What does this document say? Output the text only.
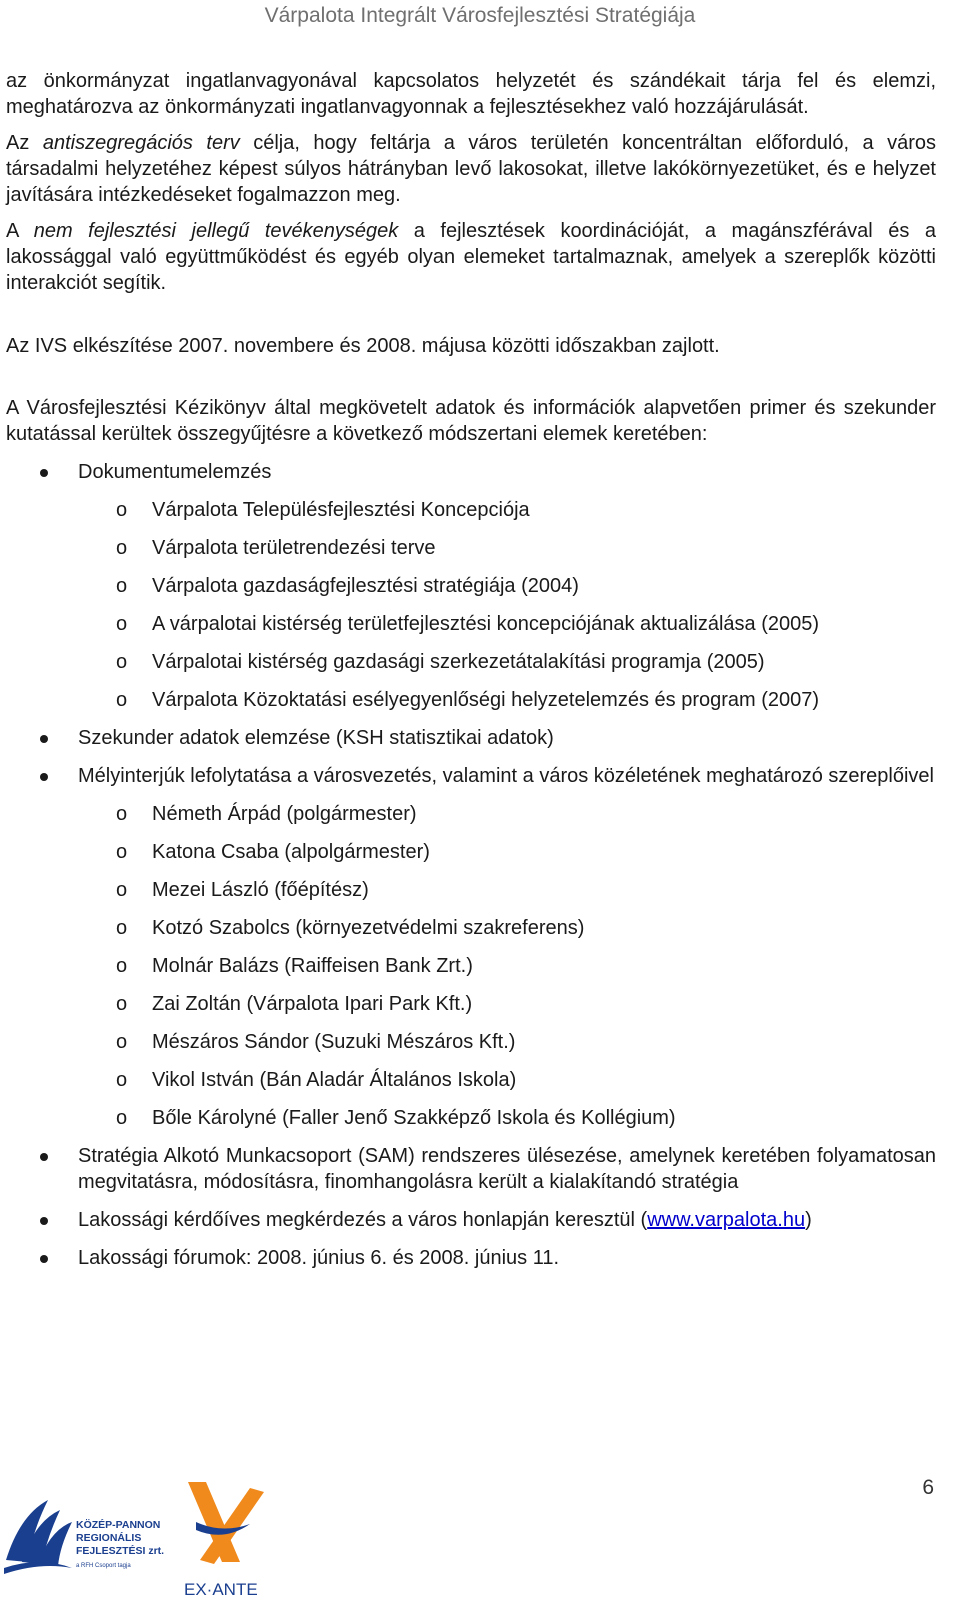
Várpalota Integrált Városfejlesztési Stratégiája

az önkormányzat ingatlanvagyonával kapcsolatos helyzetét és szándékait tárja fel és elemzi, meghatározva az önkormányzati ingatlanvagyonnak a fejlesztésekhez való hozzájárulását.

Az antiszegregációs terv célja, hogy feltárja a város területén koncentráltan előforduló, a város társadalmi helyzetéhez képest súlyos hátrányban levő lakosokat, illetve lakókörnyezetüket, és e helyzet javítására intézkedéseket fogalmazzon meg.

A nem fejlesztési jellegű tevékenységek a fejlesztések koordinációját, a magánszférával és a lakossággal való együttműködést és egyéb olyan elemeket tartalmaznak, amelyek a szereplők közötti interakciót segítik.

Az IVS elkészítése 2007. novembere és 2008. májusa közötti időszakban zajlott.

A Városfejlesztési Kézikönyv által megkövetelt adatok és információk alapvetően primer és szekunder kutatással kerültek összegyűjtésre a következő módszertani elemek keretében:

Dokumentumelemzés
o Várpalota Településfejlesztési Koncepciója
o Várpalota területrendezési terve
o Várpalota gazdaságfejlesztési stratégiája (2004)
o A várpalotai kistérség területfejlesztési koncepciójának aktualizálása (2005)
o Várpalotai kistérség gazdasági szerkezetátalakítási programja (2005)
o Várpalota Közoktatási esélyegyenlőségi helyzetelemzés és program (2007)
Szekunder adatok elemzése (KSH statisztikai adatok)
Mélyinterjúk lefolytatása a városvezetés, valamint a város közéletének meghatározó szereplőivel
o Németh Árpád (polgármester)
o Katona Csaba (alpolgármester)
o Mezei László (főépítész)
o Kotzó Szabolcs (környezetvédelmi szakreferens)
o Molnár Balázs (Raiffeisen Bank Zrt.)
o Zai Zoltán (Várpalota Ipari Park Kft.)
o Mészáros Sándor (Suzuki Mészáros Kft.)
o Vikol István (Bán Aladár Általános Iskola)
o Bőle Károlyné (Faller Jenő Szakképző Iskola és Kollégium)
Stratégia Alkotó Munkacsoport (SAM) rendszeres ülésezése, amelynek keretében folyamatosan megvitatásra, módosításra, finomhangolásra került a kialakítandó stratégia
Lakossági kérdőíves megkérdezés a város honlapján keresztül (www.varpalota.hu)
Lakossági fórumok: 2008. június 6. és 2008. június 11.
6
KÖZÉP-PANNON
REGIONÁLIS
FEJLESZTÉSI zrt.
a RFH Csoport tagja
EX·ANTE
